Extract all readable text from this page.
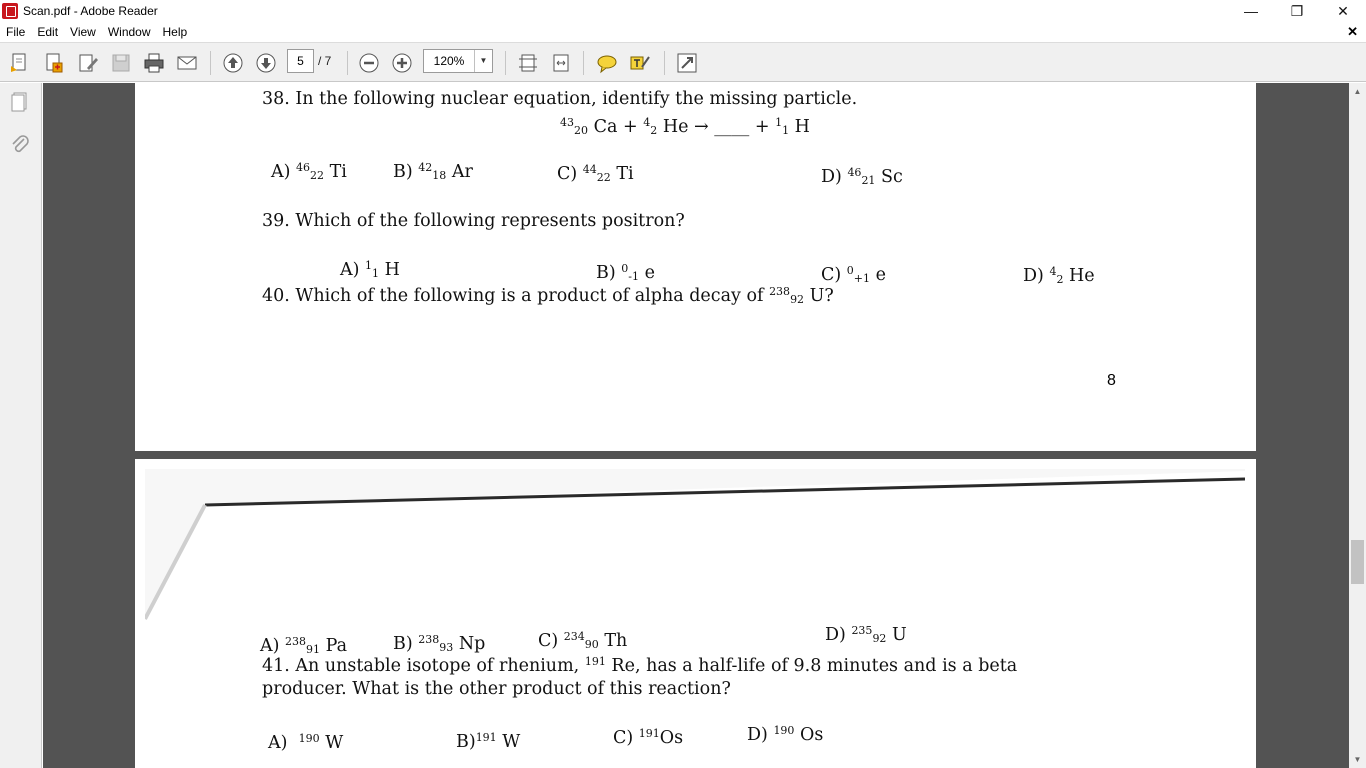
Scan.pdf - Adobe Reader	—	❐	✕
File	Edit	View	Window	Help	✕
5	/ 7	120%	▼
38. In the following nuclear equation, identify the missing particle.
$^{43}_{20}$ Ca + $^4_2$ He → ____ + $^1_1$ H
A) $^{46}_{22}$ Ti	B) $^{42}_{18}$ Ar	C) $^{44}_{22}$ Ti	D) $^{46}_{21}$ Sc
39. Which of the following represents positron?
A) $^1_1$ H	B) $^0_{-1}$ e	C) $^0_{+1}$ e	D) $^4_2$ He
40. Which of the following is a product of alpha decay of $^{238}_{92}$ U?
8
A) $^{238}_{91}$ Pa	B) $^{238}_{93}$ Np	C) $^{234}_{90}$ Th	D) $^{235}_{92}$ U
41. An unstable isotope of rhenium, $^{191}$ Re, has a half-life of 9.8 minutes and is a beta
producer. What is the other product of this reaction?
A) $^{190}$ W	B)$^{191}$ W	C) $^{191}$Os	D) $^{190}$ Os
▲
▼
